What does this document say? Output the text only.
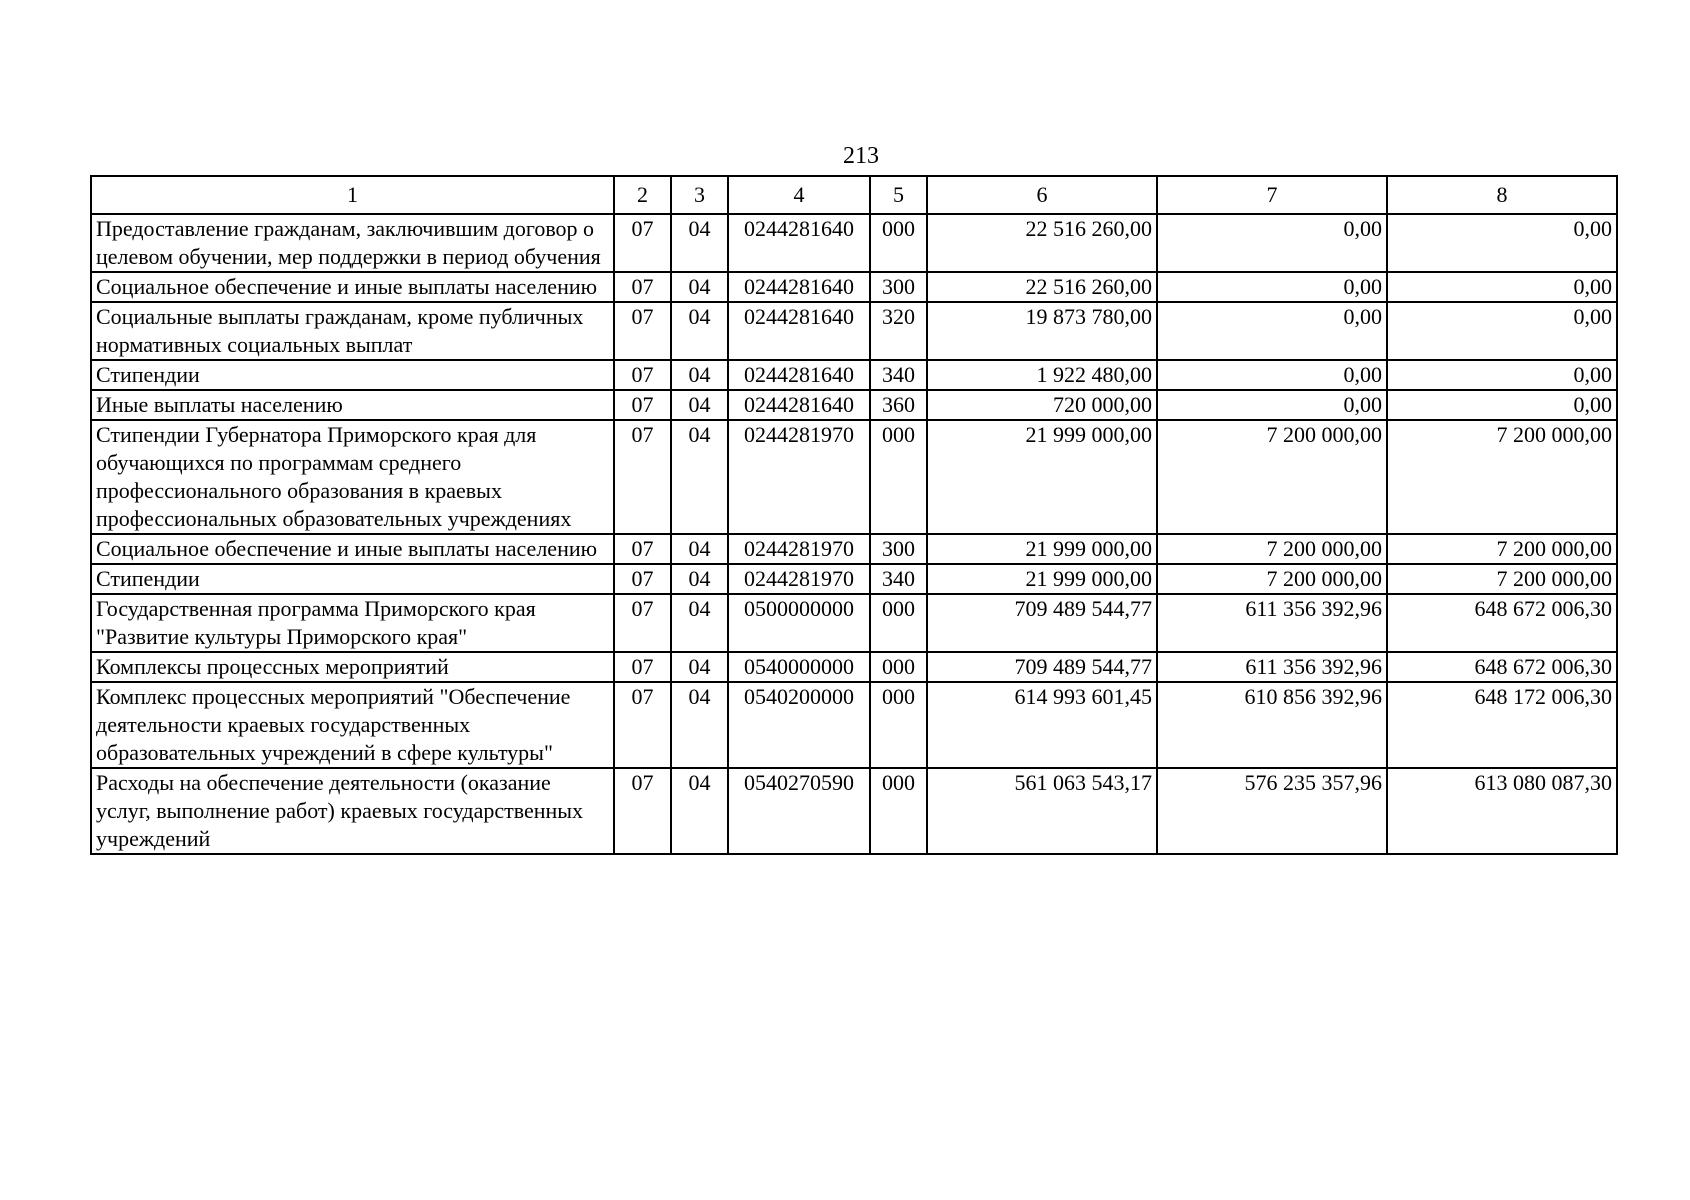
213
1	2	3	4	5	6	7	8
Предоставление гражданам, заключившим договор о целевом обучении, мер поддержки в период обучения	07	04	0244281640	000	22 516 260,00	0,00	0,00
Социальное обеспечение и иные выплаты населению	07	04	0244281640	300	22 516 260,00	0,00	0,00
Социальные выплаты гражданам, кроме публичных нормативных социальных выплат	07	04	0244281640	320	19 873 780,00	0,00	0,00
Стипендии	07	04	0244281640	340	1 922 480,00	0,00	0,00
Иные выплаты населению	07	04	0244281640	360	720 000,00	0,00	0,00
Стипендии Губернатора Приморского края для обучающихся по программам среднего профессионального образования в краевых профессиональных образовательных учреждениях	07	04	0244281970	000	21 999 000,00	7 200 000,00	7 200 000,00
Социальное обеспечение и иные выплаты населению	07	04	0244281970	300	21 999 000,00	7 200 000,00	7 200 000,00
Стипендии	07	04	0244281970	340	21 999 000,00	7 200 000,00	7 200 000,00
Государственная программа Приморского края "Развитие культуры Приморского края"	07	04	0500000000	000	709 489 544,77	611 356 392,96	648 672 006,30
Комплексы процессных мероприятий	07	04	0540000000	000	709 489 544,77	611 356 392,96	648 672 006,30
Комплекс процессных мероприятий "Обеспечение деятельности краевых государственных образовательных учреждений в сфере культуры"	07	04	0540200000	000	614 993 601,45	610 856 392,96	648 172 006,30
Расходы на обеспечение деятельности (оказание услуг, выполнение работ) краевых государственных учреждений	07	04	0540270590	000	561 063 543,17	576 235 357,96	613 080 087,30
